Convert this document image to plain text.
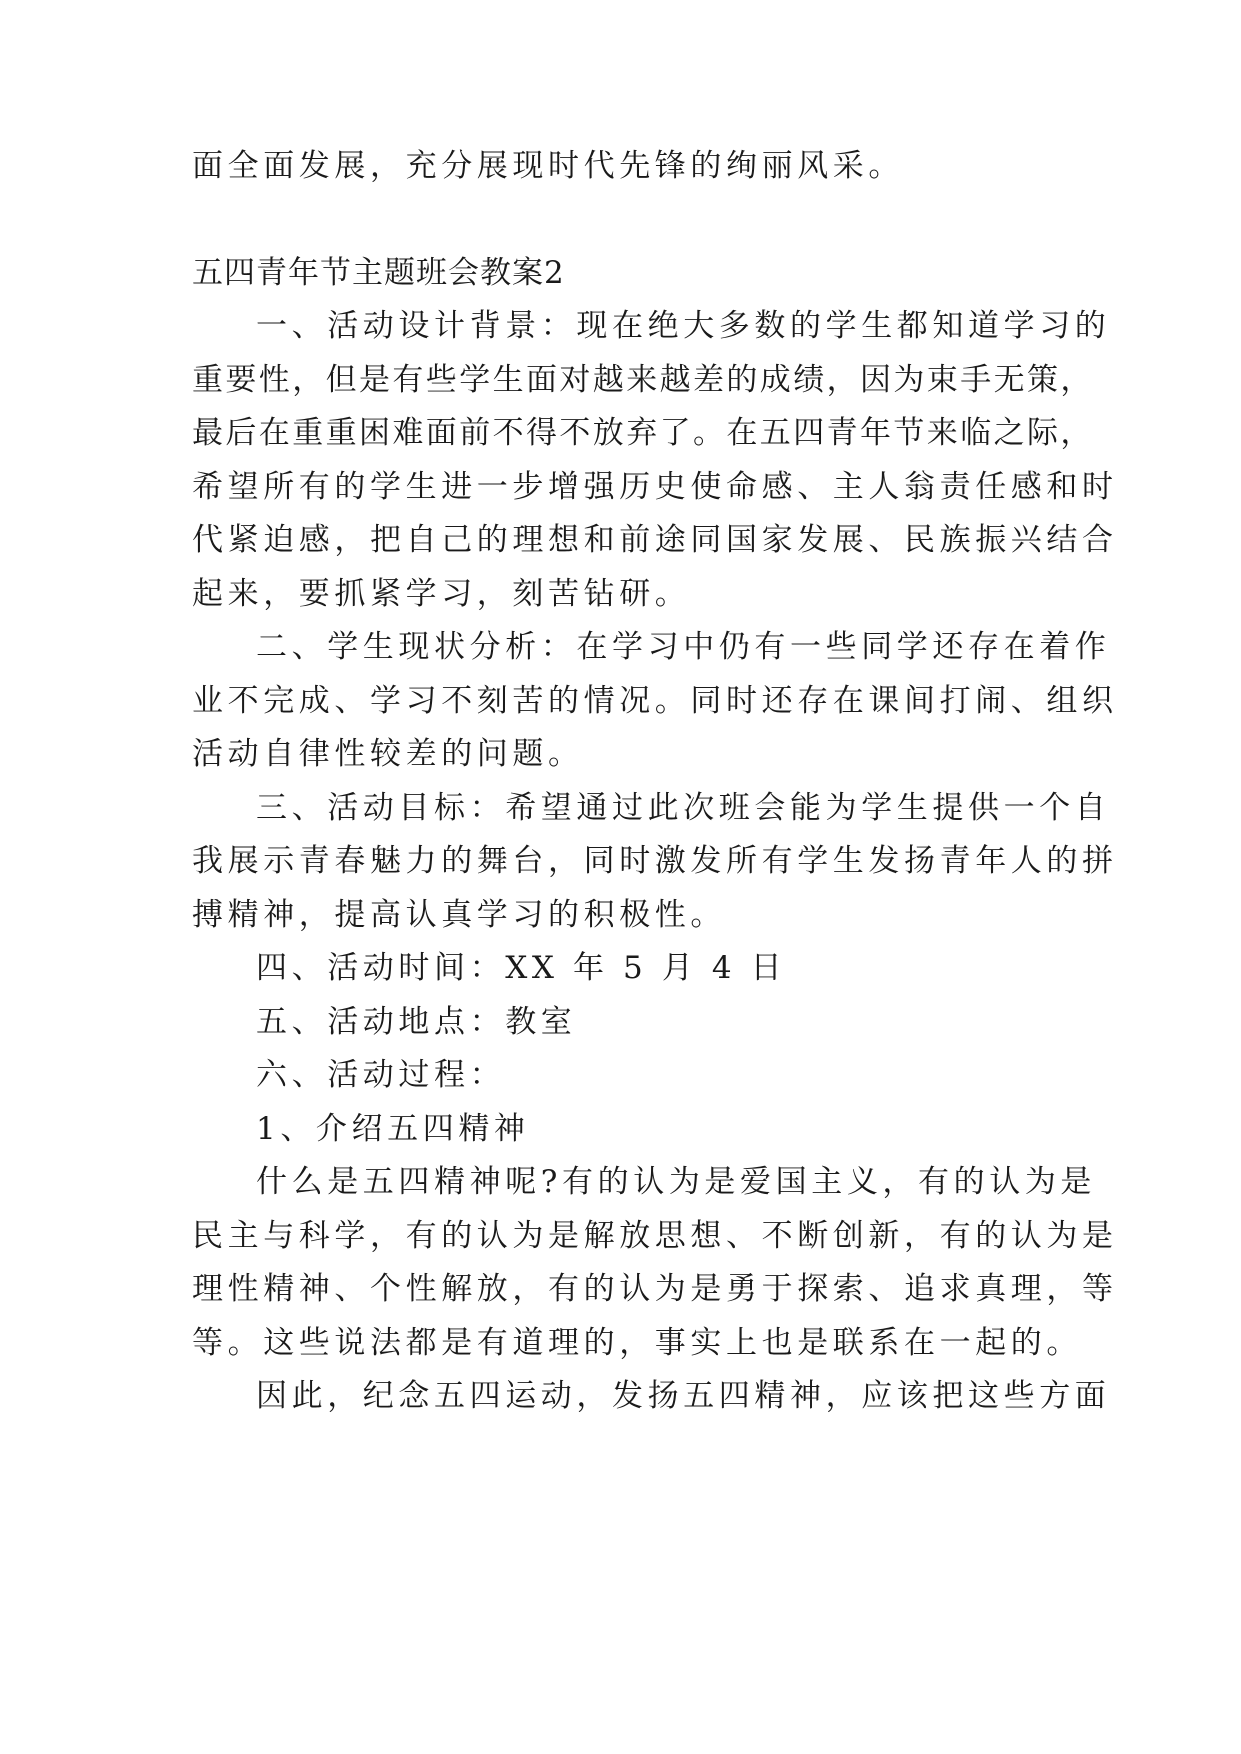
面全面发展，充分展现时代先锋的绚丽风采。
五四青年节主题班会教案2
一、活动设计背景：现在绝大多数的学生都知道学习的
重要性，但是有些学生面对越来越差的成绩，因为束手无策，
最后在重重困难面前不得不放弃了。在五四青年节来临之际，
希望所有的学生进一步增强历史使命感、主人翁责任感和时
代紧迫感，把自己的理想和前途同国家发展、民族振兴结合
起来，要抓紧学习，刻苦钻研。
二、学生现状分析：在学习中仍有一些同学还存在着作
业不完成、学习不刻苦的情况。同时还存在课间打闹、组织
活动自律性较差的问题。
三、活动目标：希望通过此次班会能为学生提供一个自
我展示青春魅力的舞台，同时激发所有学生发扬青年人的拼
搏精神，提高认真学习的积极性。
四、活动时间：XX 年 5 月 4 日
五、活动地点：教室
六、活动过程：
1、介绍五四精神
什么是五四精神呢?有的认为是爱国主义，有的认为是
民主与科学，有的认为是解放思想、不断创新，有的认为是
理性精神、个性解放，有的认为是勇于探索、追求真理，等
等。这些说法都是有道理的，事实上也是联系在一起的。
因此，纪念五四运动，发扬五四精神，应该把这些方面
